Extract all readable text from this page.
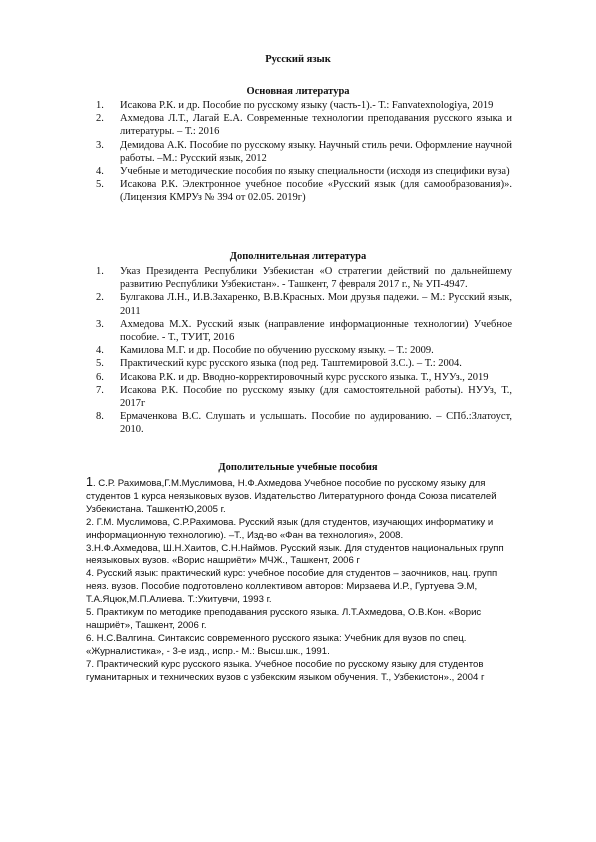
Русский язык
Основная литература
1. Исакова Р.К. и др. Пособие по русскому языку (часть-1).- Т.: Fanvatexnologiya, 2019
2. Ахмедова Л.Т., Лагай Е.А. Современные технологии преподавания русского языка и литературы. – Т.: 2016
3. Демидова А.К. Пособие по русскому языку. Научный стиль речи. Оформление научной работы. –М.: Русский язык, 2012
4. Учебные и методические пособия по языку специальности (исходя из специфики вуза)
5. Исакова Р.К. Электронное учебное пособие «Русский язык (для самообразования)». (Лицензия КМРУз № 394 от 02.05. 2019г)
Дополнительная литература
1. Указ Президента Республики Узбекистан «О стратегии действий по дальнейшему развитию Республики Узбекистан». - Ташкент, 7 февраля 2017 г., № УП-4947.
2. Булгакова Л.Н., И.В.Захаренко, В.В.Красных. Мои друзья падежи. – М.: Русский язык, 2011
3. Ахмедова М.Х. Русский язык (направление информационные технологии) Учебное пособие. - Т., ТУИТ, 2016
4. Камилова М.Г. и др. Пособие по обучению русскому языку. – Т.: 2009.
5. Практический курс русского языка (под ред. Таштемировой З.С.). – Т.: 2004.
6. Исакова Р.К. и др. Вводно-корректировочный курс русского языка. Т., НУУз., 2019
7. Исакова Р.К. Пособие по русскому языку (для самостоятельной работы). НУУз, Т., 2017г
8. Ермаченкова В.С. Слушать и услышать. Пособие по аудированию. – СПб.:Златоуст, 2010.
Дополительные учебные пособия

1. С.Р. Рахимова,Г.М.Муслимова, Н.Ф.Ахмедова Учебное пособие по русскому языку для студентов 1 курса неязыковых вузов. Издательство Литературного фонда Союза писателей Узбекистана. ТашкентЮ,2005 г.

2. Г.М. Муслимова, С.Р.Рахимова. Русский язык (для студентов, изучающих информатику и информационную технологию). –Т., Изд-во «Фан ва технология», 2008.

3.Н.Ф.Ахмедова, Ш.Н.Хаитов, С.Н.Наймов. Русский язык. Для студентов национальных групп неязыковых вузов. «Ворис нашриёти» МЧЖ., Ташкент, 2006 г

4. Русский язык: практический курс: учебное пособие для студентов – заочников, нац. групп неяз. вузов. Пособие подготовлено коллективом авторов: Мирзаева И.Р., Гуртуева Э.М, Т.А.Яцюк,М.П.Алиева. Т.:Укитувчи, 1993 г.

5. Практикум по методике преподавания русского языка. Л.Т.Ахмедова, О.В.Кон. «Ворис нашриёт», Ташкент, 2006 г.

6. Н.С.Валгина. Синтаксис современного русского языка: Учебник для вузов по спец. «Журналистика», - 3-е изд., испр.- М.: Высш.шк., 1991.

7. Практический курс русского языка. Учебное пособие по русскому языку для студентов гуманитарных и технических вузов с узбекским языком обучения. Т., Узбекистон»., 2004 г
